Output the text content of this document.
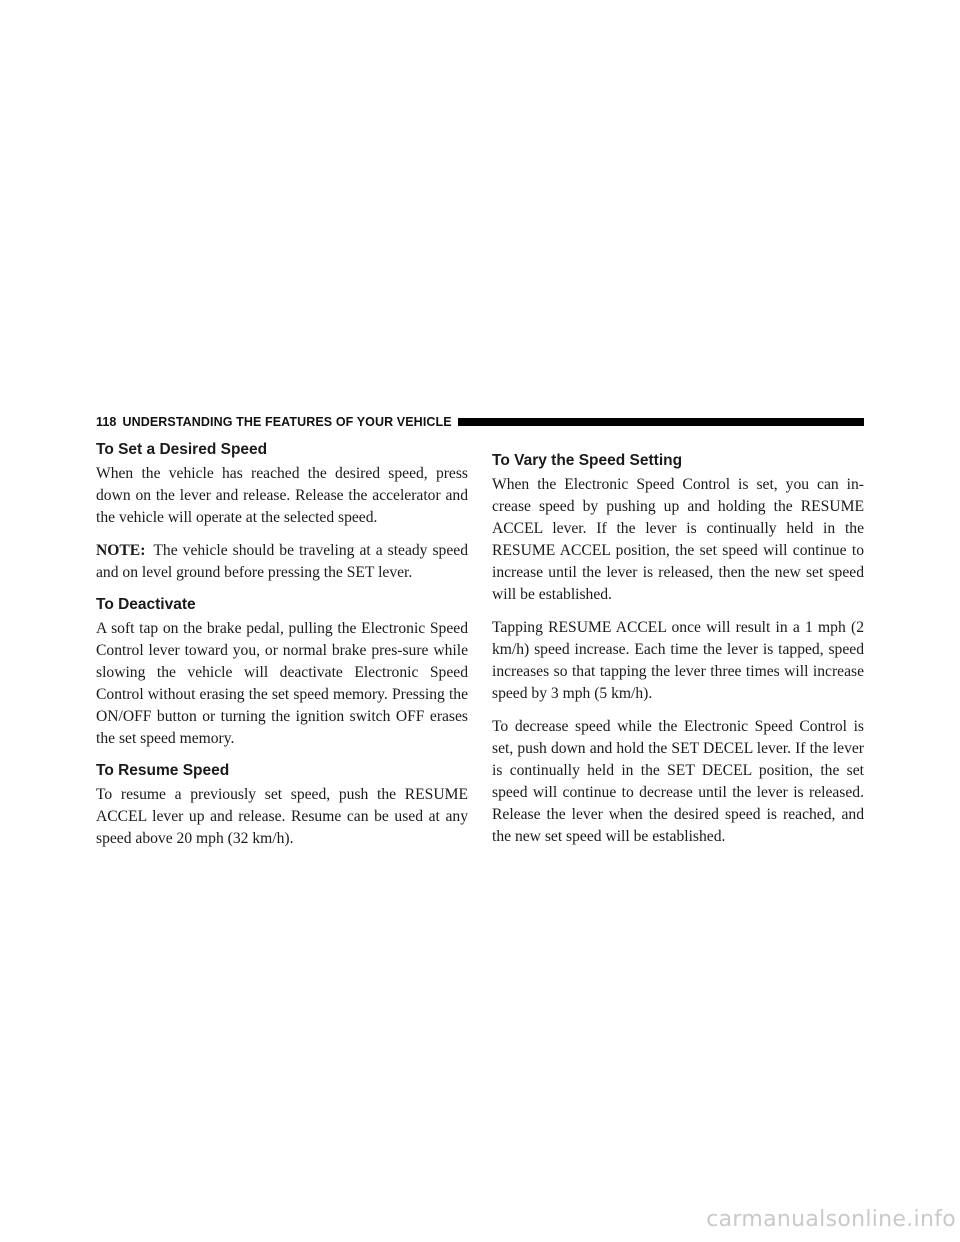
118 UNDERSTANDING THE FEATURES OF YOUR VEHICLE
To Set a Desired Speed

When the vehicle has reached the desired speed, press down on the lever and release. Release the accelerator and the vehicle will operate at the selected speed.

NOTE: The vehicle should be traveling at a steady speed and on level ground before pressing the SET lever.

To Deactivate

A soft tap on the brake pedal, pulling the Electronic Speed Control lever toward you, or normal brake pres-sure while slowing the vehicle will deactivate Electronic Speed Control without erasing the set speed memory. Pressing the ON/OFF button or turning the ignition switch OFF erases the set speed memory.

To Resume Speed

To resume a previously set speed, push the RESUME ACCEL lever up and release. Resume can be used at any speed above 20 mph (32 km/h).

To Vary the Speed Setting

When the Electronic Speed Control is set, you can in-crease speed by pushing up and holding the RESUME ACCEL lever. If the lever is continually held in the RESUME ACCEL position, the set speed will continue to increase until the lever is released, then the new set speed will be established.

Tapping RESUME ACCEL once will result in a 1 mph (2 km/h) speed increase. Each time the lever is tapped, speed increases so that tapping the lever three times will increase speed by 3 mph (5 km/h).

To decrease speed while the Electronic Speed Control is set, push down and hold the SET DECEL lever. If the lever is continually held in the SET DECEL position, the set speed will continue to decrease until the lever is released. Release the lever when the desired speed is reached, and the new set speed will be established.

carmanualsonline.info
